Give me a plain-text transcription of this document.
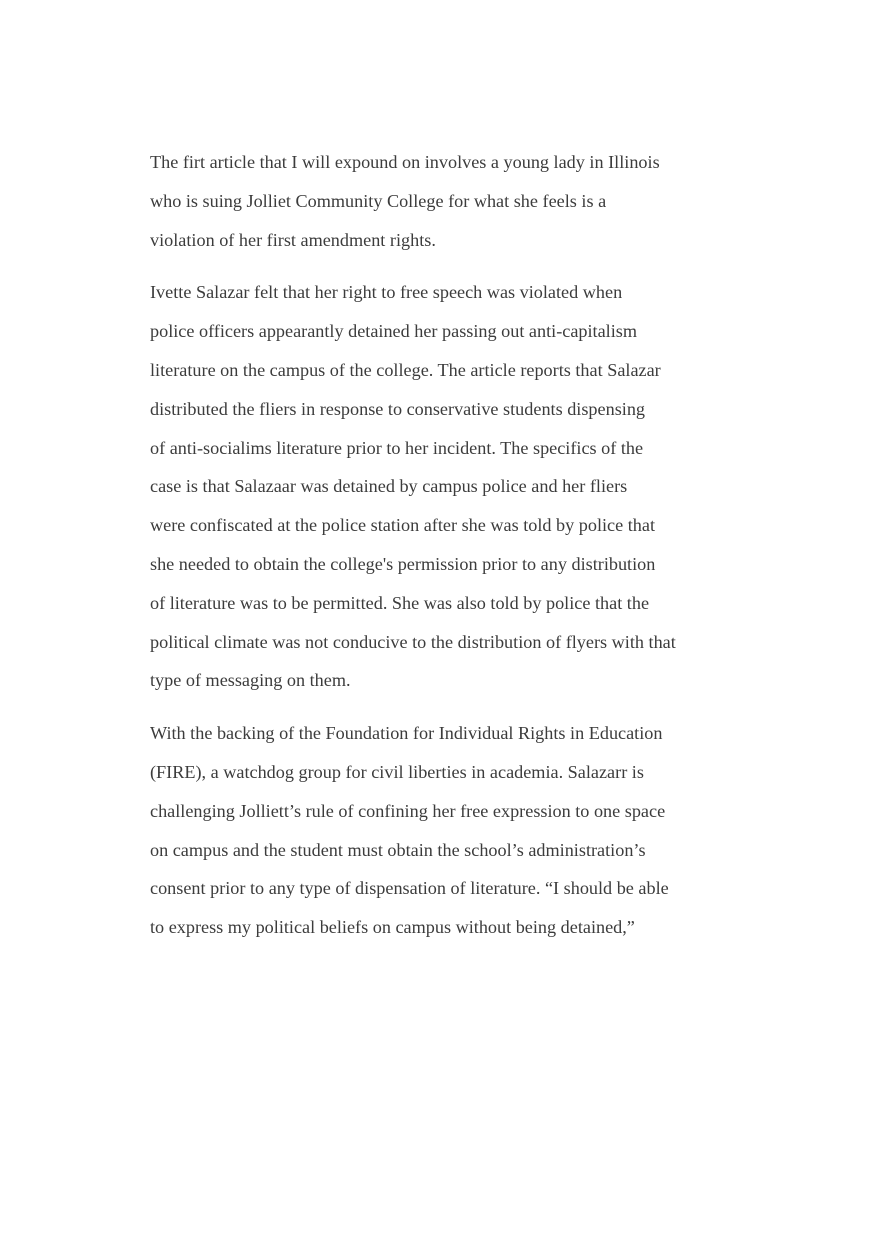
The firt article that I will expound on involves a young lady in Illinois
who is suing Jolliet Community College for what she feels is a
violation of her first amendment rights.

Ivette Salazar felt that her right to free speech was violated when
police officers appearantly detained her passing out anti-capitalism
literature on the campus of the college. The article reports that Salazar
distributed the fliers in response to conservative students dispensing
of anti-socialims literature prior to her incident. The specifics of the
case is that Salazaar was detained by campus police and her fliers
were confiscated at the police station after she was told by police that
she needed to obtain the college's permission prior to any distribution
of literature was to be permitted. She was also told by police that the
political climate was not conducive to the distribution of flyers with that
type of messaging on them.

With the backing of the Foundation for Individual Rights in Education
(FIRE), a watchdog group for civil liberties in academia. Salazarr is
challenging Jolliett’s rule of confining her free expression to one space
on campus and the student must obtain the school’s administration’s
consent prior to any type of dispensation of literature. “I should be able
to express my political beliefs on campus without being detained,”
